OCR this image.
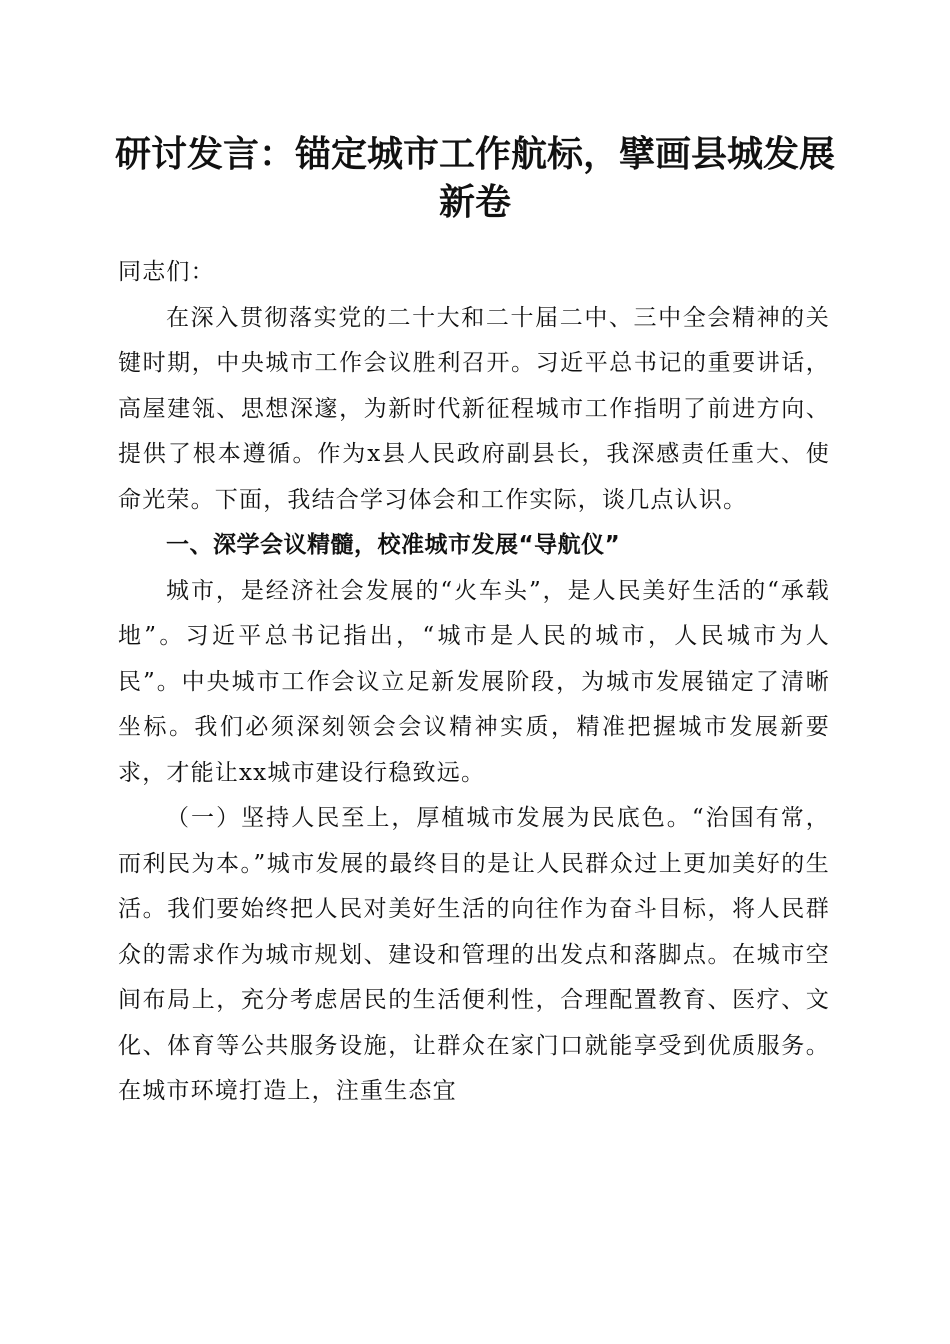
研讨发言：锚定城市工作航标，擘画县城发展新卷

同志们：

在深入贯彻落实党的二十大和二十届二中、三中全会精神的关键时期，中央城市工作会议胜利召开。习近平总书记的重要讲话，高屋建瓴、思想深邃，为新时代新征程城市工作指明了前进方向、提供了根本遵循。作为x县人民政府副县长，我深感责任重大、使命光荣。下面，我结合学习体会和工作实际，谈几点认识。

一、深学会议精髓，校准城市发展“导航仪”

城市，是经济社会发展的“火车头”，是人民美好生活的“承载地”。习近平总书记指出，“城市是人民的城市，人民城市为人民”。中央城市工作会议立足新发展阶段，为城市发展锚定了清晰坐标。我们必须深刻领会会议精神实质，精准把握城市发展新要求，才能让xx城市建设行稳致远。

（一）坚持人民至上，厚植城市发展为民底色。“治国有常，而利民为本。”城市发展的最终目的是让人民群众过上更加美好的生活。我们要始终把人民对美好生活的向往作为奋斗目标，将人民群众的需求作为城市规划、建设和管理的出发点和落脚点。在城市空间布局上，充分考虑居民的生活便利性，合理配置教育、医疗、文化、体育等公共服务设施，让群众在家门口就能享受到优质服务。在城市环境打造上，注重生态宜
